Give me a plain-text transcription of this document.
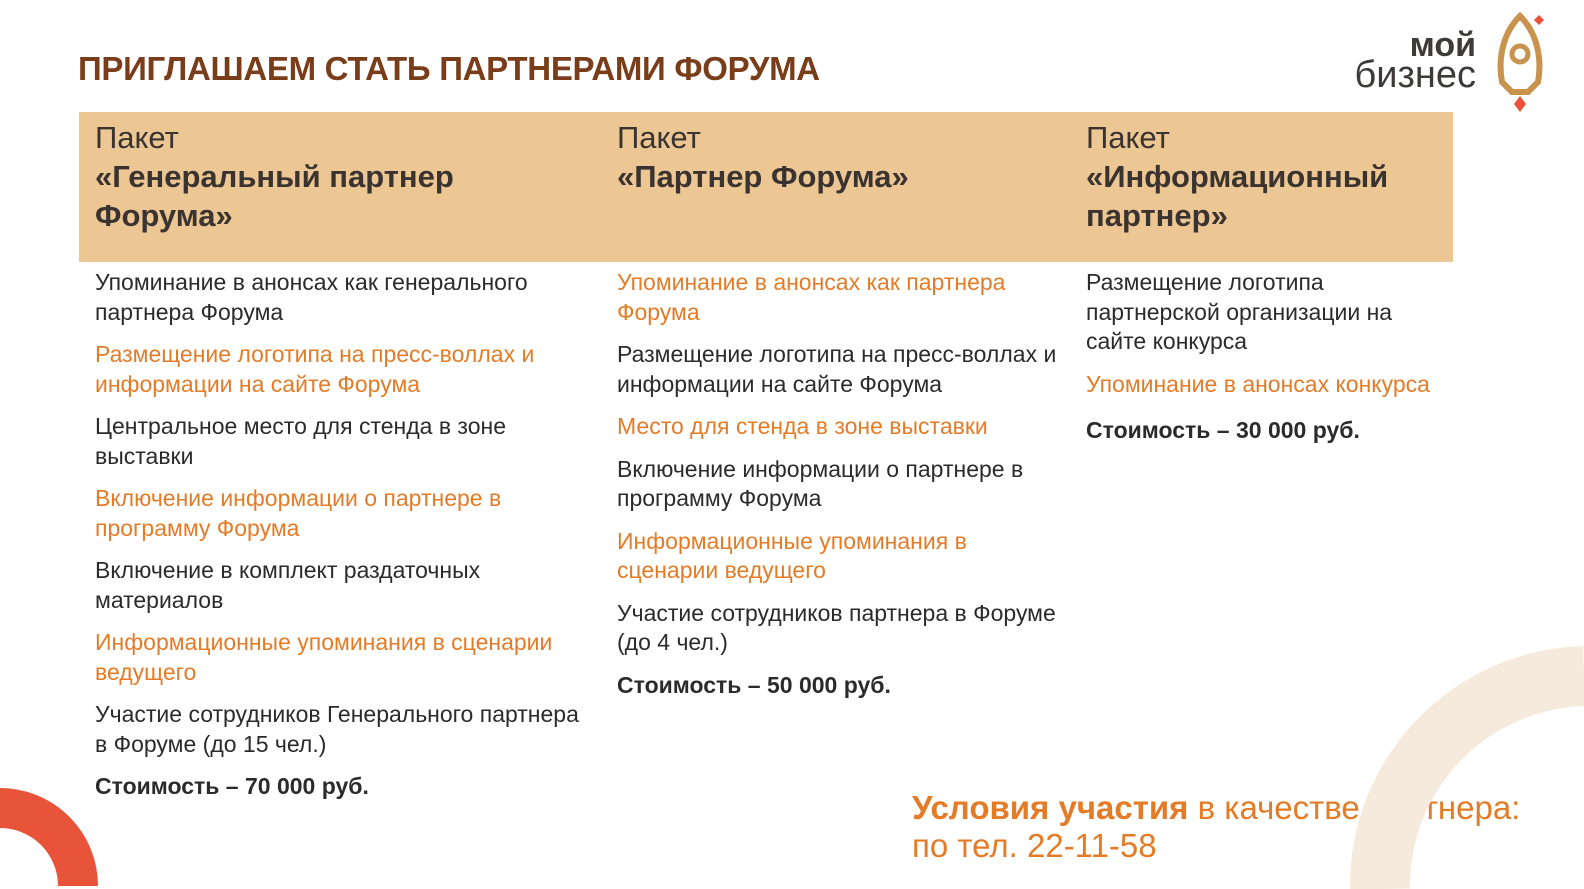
ПРИГЛАШАЕМ СТАТЬ ПАРТНЕРАМИ ФОРУМА
мой
бизнес
Пакет
«Генеральный партнер Форума»
Пакет
«Партнер Форума»
Пакет
«Информационный партнер»
Упоминание в анонсах как генерального партнера Форума
Размещение логотипа на пресс-воллах и информации на сайте Форума
Центральное место для стенда в зоне выставки
Включение информации о партнере в программу Форума
Включение в комплект раздаточных материалов
Информационные упоминания в сценарии ведущего
Участие сотрудников Генерального партнера в Форуме (до 15 чел.)
Стоимость – 70 000 руб.
Упоминание в анонсах как партнера Форума
Размещение логотипа на пресс-воллах и информации на сайте Форума
Место для стенда в зоне выставки
Включение информации о партнере в программу Форума
Информационные упоминания в сценарии ведущего
Участие сотрудников партнера в Форуме (до 4 чел.)
Стоимость – 50 000 руб.
Размещение логотипа партнерской организации на сайте конкурса
Упоминание в анонсах конкурса
Стоимость – 30 000 руб.
Условия участия в качестве партнера:
по тел. 22-11-58
